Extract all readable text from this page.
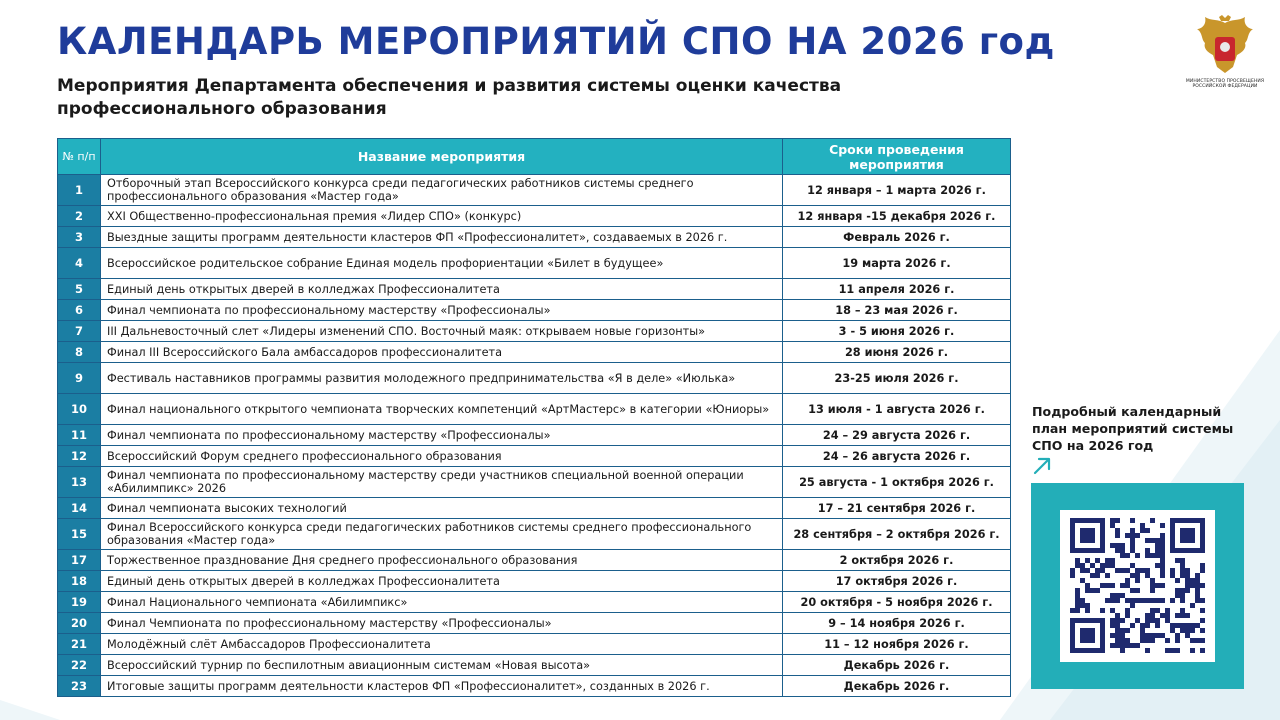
КАЛЕНДАРЬ МЕРОПРИЯТИЙ СПО НА 2026 год
Мероприятия Департамента обеспечения и развития системы оценки качества профессионального образования
МИНИСТЕРСТВО ПРОСВЕЩЕНИЯ РОССИЙСКОЙ ФЕДЕРАЦИИ
№ п/п	Название мероприятия	Сроки проведения мероприятия
1	Отборочный этап Всероссийского конкурса среди педагогических работников системы среднего профессионального образования «Мастер года»	12 января – 1 марта 2026 г.
2	XXI Общественно-профессиональная премия «Лидер СПО» (конкурс)	12 января -15 декабря 2026 г.
3	Выездные защиты программ деятельности кластеров ФП «Профессионалитет», создаваемых в 2026 г.	Февраль 2026 г.
4	Всероссийское родительское собрание Единая модель профориентации «Билет в будущее»	19 марта 2026 г.
5	Единый день открытых дверей в колледжах Профессионалитета	11 апреля 2026 г.
6	Финал чемпионата по профессиональному мастерству «Профессионалы»	18 – 23 мая 2026 г.
7	III Дальневосточный слет «Лидеры изменений СПО. Восточный маяк: открываем новые горизонты»	3 - 5 июня 2026 г.
8	Финал III Всероссийского Бала амбассадоров профессионалитета	28 июня 2026 г.
9	Фестиваль наставников программы развития молодежного предпринимательства «Я в деле» «Июлька»	23-25 июля 2026 г.
10	Финал национального открытого чемпионата творческих компетенций «АртМастерс» в категории «Юниоры»	13 июля - 1 августа 2026 г.
11	Финал чемпионата по профессиональному мастерству «Профессионалы»	24 – 29 августа 2026 г.
12	Всероссийский Форум среднего профессионального образования	24 – 26 августа 2026 г.
13	Финал чемпионата по профессиональному мастерству среди участников специальной военной операции «Абилимпикс» 2026	25 августа - 1 октября 2026 г.
14	Финал чемпионата высоких технологий	17 – 21 сентября 2026 г.
15	Финал Всероссийского конкурса среди педагогических работников системы среднего профессионального образования «Мастер года»	28 сентября – 2 октября 2026 г.
17	Торжественное празднование Дня среднего профессионального образования	2 октября 2026 г.
18	Единый день открытых дверей в колледжах Профессионалитета	17 октября 2026 г.
19	Финал Национального чемпионата «Абилимпикс»	20 октября - 5 ноября 2026 г.
20	Финал Чемпионата по профессиональному мастерству «Профессионалы»	9 – 14 ноября 2026 г.
21	Молодёжный слёт Амбассадоров Профессионалитета	11 – 12 ноября 2026 г.
22	Всероссийский турнир по беспилотным авиационным системам «Новая высота»	Декабрь 2026 г.
23	Итоговые защиты программ деятельности кластеров ФП «Профессионалитет», созданных в 2026 г.	Декабрь 2026 г.
Подробный календарный план мероприятий системы СПО на 2026 год
